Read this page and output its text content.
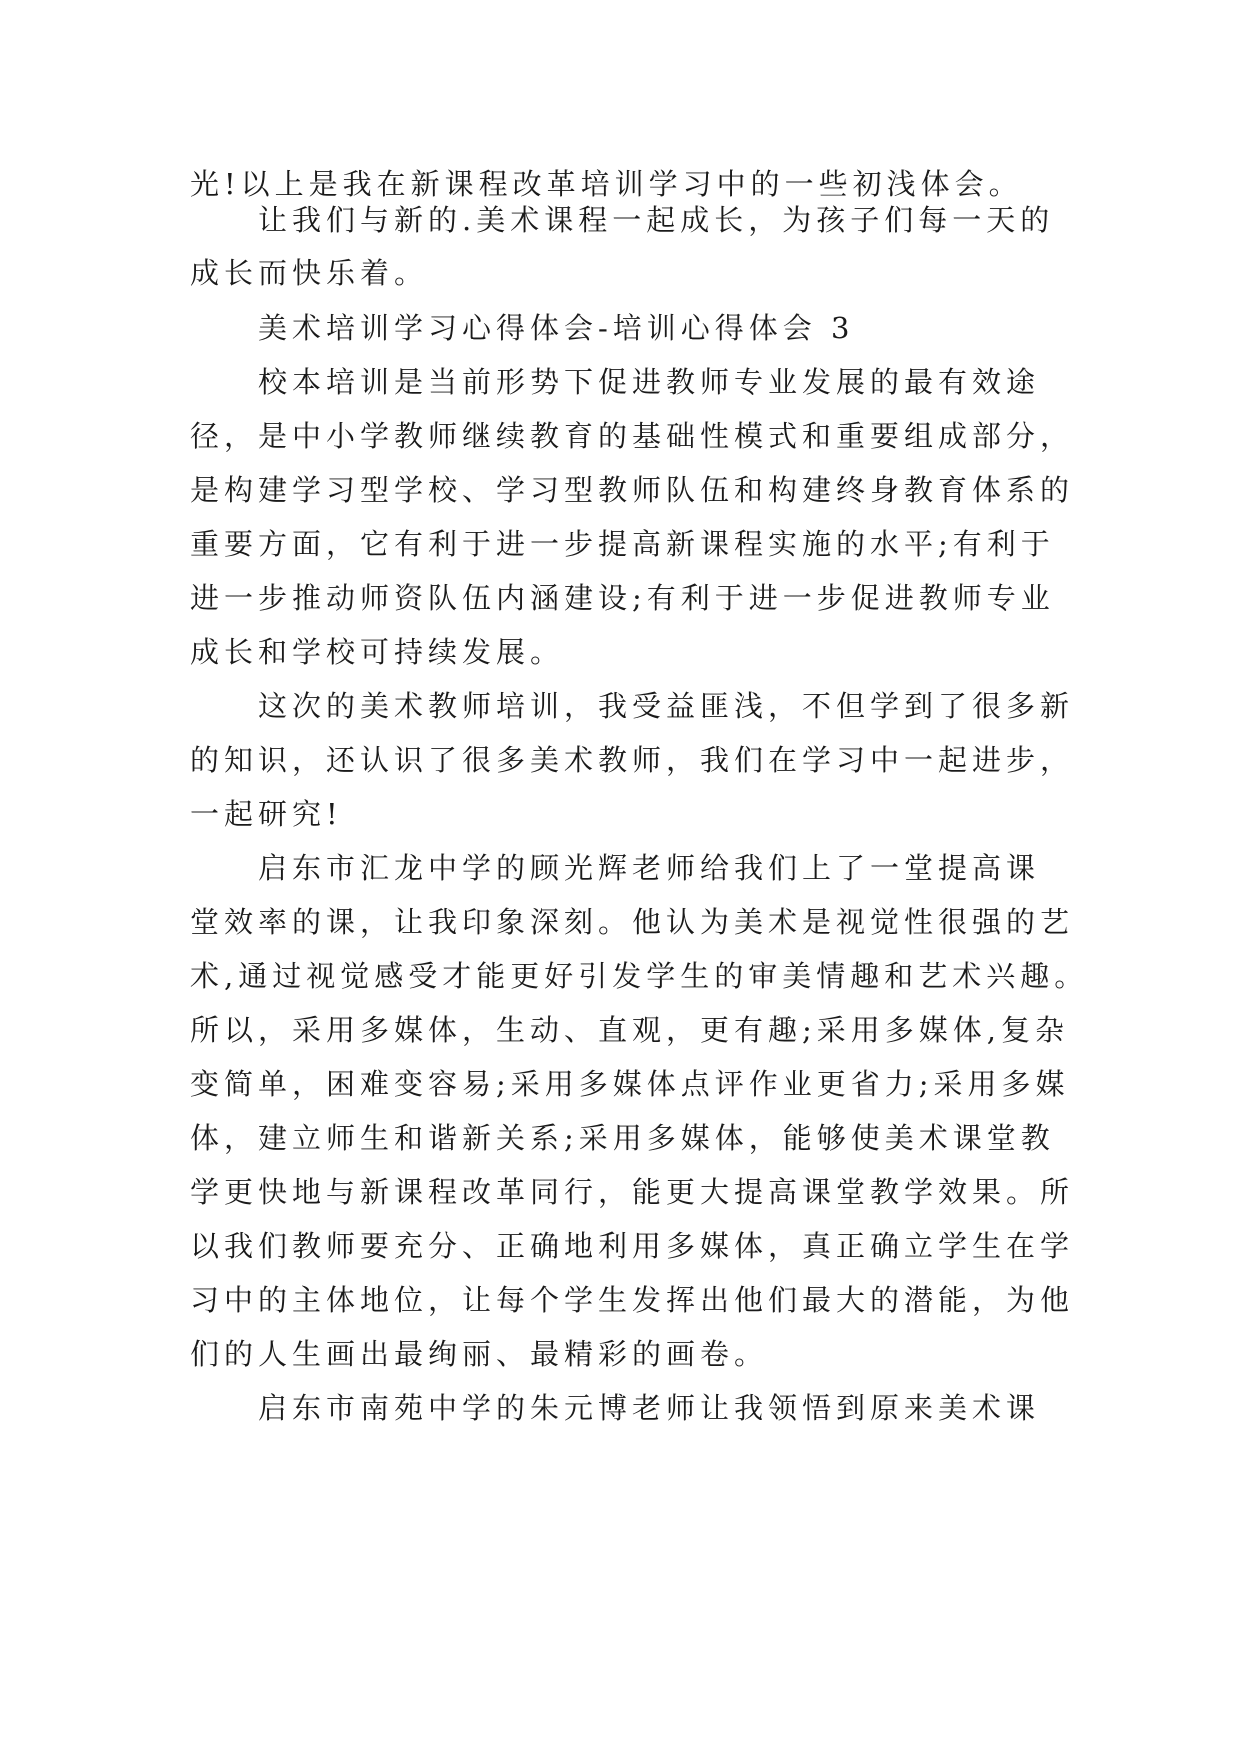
光!以上是我在新课程改革培训学习中的一些初浅体会。
让我们与新的.美术课程一起成长，为孩子们每一天的
成长而快乐着。
美术培训学习心得体会-培训心得体会 3
校本培训是当前形势下促进教师专业发展的最有效途
径，是中小学教师继续教育的基础性模式和重要组成部分，
是构建学习型学校、学习型教师队伍和构建终身教育体系的
重要方面，它有利于进一步提高新课程实施的水平;有利于
进一步推动师资队伍内涵建设;有利于进一步促进教师专业
成长和学校可持续发展。
这次的美术教师培训，我受益匪浅，不但学到了很多新
的知识，还认识了很多美术教师，我们在学习中一起进步，
一起研究!
启东市汇龙中学的顾光辉老师给我们上了一堂提高课
堂效率的课，让我印象深刻。他认为美术是视觉性很强的艺
术,通过视觉感受才能更好引发学生的审美情趣和艺术兴趣。
所以，采用多媒体，生动、直观，更有趣;采用多媒体,复杂
变简单，困难变容易;采用多媒体点评作业更省力;采用多媒
体，建立师生和谐新关系;采用多媒体，能够使美术课堂教
学更快地与新课程改革同行，能更大提高课堂教学效果。所
以我们教师要充分、正确地利用多媒体，真正确立学生在学
习中的主体地位，让每个学生发挥出他们最大的潜能，为他
们的人生画出最绚丽、最精彩的画卷。
启东市南苑中学的朱元博老师让我领悟到原来美术课
